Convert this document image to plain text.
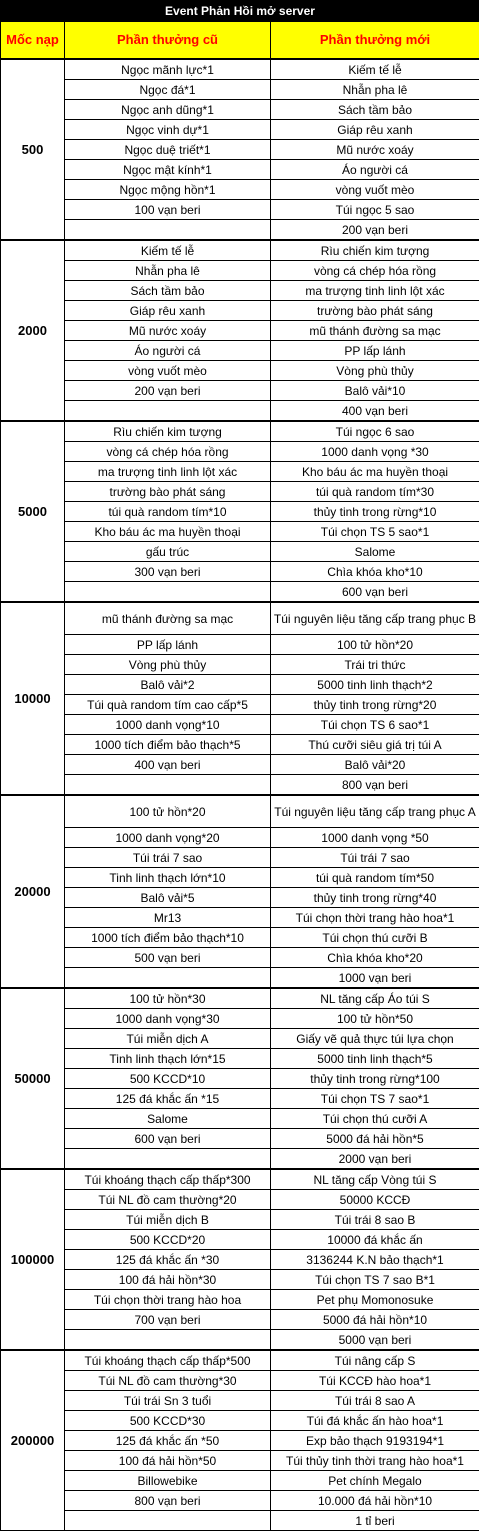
Event Phản Hồi mở server		
Mốc nạp	Phần thưởng cũ	Phần thưởng mới
500	Ngọc mãnh lực*1	Kiếm tế lễ
	Ngọc đá*1	Nhẫn pha lê
	Ngọc anh dũng*1	Sách tầm bảo
	Ngọc vinh dự*1	Giáp rêu xanh
	Ngọc duệ triết*1	Mũ nước xoáy
	Ngọc mật kính*1	Áo người cá
	Ngọc mộng hồn*1	vòng vuốt mèo
	100 vạn beri	Túi ngọc 5 sao
		200 vạn beri
2000	Kiếm tế lễ	Rìu chiến kim tượng
	Nhẫn pha lê	vòng cá chép hóa rồng
	Sách tầm bảo	ma trượng tinh linh lột xác
	Giáp rêu xanh	trường bào phát sáng
	Mũ nước xoáy	mũ thánh đường sa mạc
	Áo người cá	PP lấp lánh
	vòng vuốt mèo	Vòng phù thủy
	200 vạn beri	Balô vải*10
		400 vạn beri
5000	Rìu chiến kim tượng	Túi ngọc 6 sao
	vòng cá chép hóa rồng	1000 danh vọng *30
	ma trượng tinh linh lột xác	Kho báu ác ma huyền thoại
	trường bào phát sáng	túi quà random tím*30
	túi quà random tím*10	thủy tinh trong rừng*10
	Kho báu ác ma huyền thoại	Túi chọn TS 5 sao*1
	gấu trúc	Salome
	300 vạn beri	Chìa khóa kho*10
		600 vạn beri
10000	mũ thánh đường sa mạc	Túi nguyên liệu tăng cấp trang phục B
	PP lấp lánh	100 tử hồn*20
	Vòng phù thủy	Trái tri thức
	Balô vải*2	5000 tinh linh thạch*2
	Túi quà random tím cao cấp*5	thủy tinh trong rừng*20
	1000 danh vọng*10	Túi chọn TS 6 sao*1
	1000 tích điểm bảo thạch*5	Thú cưỡi siêu giá trị túi A
	400 vạn beri	Balô vải*20
		800 vạn beri
20000	100 tử hồn*20	Túi nguyên liệu tăng cấp trang phục A
	1000 danh vọng*20	1000 danh vọng *50
	Túi trái 7 sao	Túi trái 7 sao
	Tinh linh thạch lớn*10	túi quà random tím*50
	Balô vải*5	thủy tinh trong rừng*40
	Mr13	Túi chọn thời trang hào hoa*1
	1000 tích điểm bảo thạch*10	Túi chọn thú cưỡi B
	500 vạn beri	Chìa khóa kho*20
		1000 vạn beri
50000	100 tử hồn*30	NL tăng cấp Áo túi S
	1000 danh vọng*30	100 tử hồn*50
	Túi miễn dịch A	Giấy vẽ quả thực túi lựa chọn
	Tinh linh thạch lớn*15	5000 tinh linh thạch*5
	500 KCCD*10	thủy tinh trong rừng*100
	125 đá khắc ấn *15	Túi chọn TS 7 sao*1
	Salome	Túi chọn thú cưỡi A
	600 vạn beri	5000 đá hải hồn*5
		2000 vạn beri
100000	Túi khoáng thạch cấp thấp*300	NL tăng cấp Vòng túi S
	Túi NL đồ cam thường*20	50000 KCCĐ
	Túi miễn dịch B	Túi trái 8 sao B
	500 KCCD*20	10000 đá khắc ấn
	125 đá khắc ấn *30	3136244 K.N bảo thạch*1
	100 đá hải hồn*30	Túi chọn TS 7 sao B*1
	Túi chọn thời trang hào hoa	Pet phụ Momonosuke
	700 vạn beri	5000 đá hải hồn*10
		5000 vạn beri
200000	Túi khoáng thạch cấp thấp*500	Túi nâng cấp S
	Túi NL đồ cam thường*30	Túi KCCĐ hào hoa*1
	Túi trái Sn 3 tuổi	Túi trái 8 sao A
	500 KCCD*30	Túi đá khắc ấn hào hoa*1
	125 đá khắc ấn *50	Exp bảo thạch 9193194*1
	100 đá hải hồn*50	Túi thủy tinh thời trang hào hoa*1
	Billowebike	Pet chính Megalo
	800 vạn beri	10.000 đá hải hồn*10
		1 tỉ beri
